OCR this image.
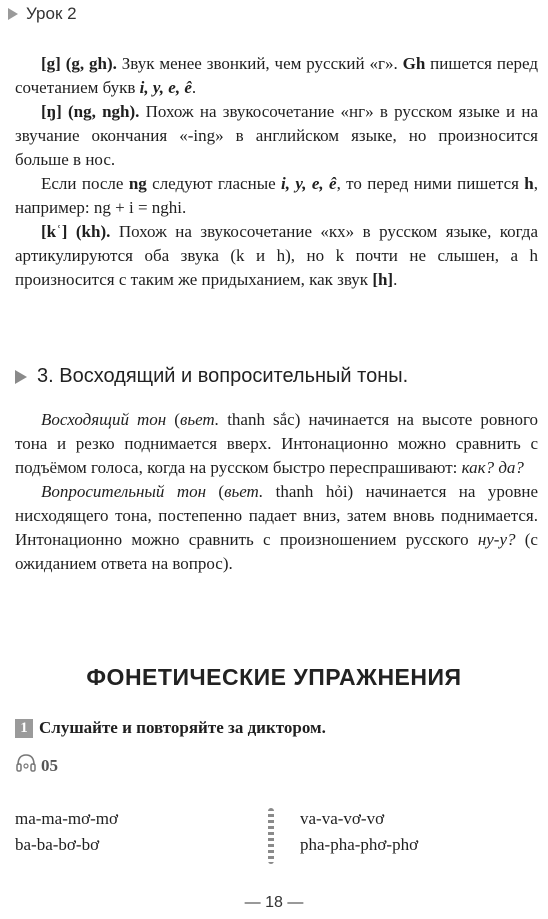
Урок 2

[g] (g, gh). Звук менее звонкий, чем русский «г». Gh пишется перед сочетанием букв i, y, e, ê.

[ŋ] (ng, ngh). Похож на звукосочетание «нг» в русском языке и на звучание окончания «-ing» в английском языке, но произносится больше в нос.

Если после ng следуют гласные i, y, e, ê, то перед ними пишется h, например: ng + i = nghi.

[kʿ] (kh). Похож на звукосочетание «кх» в русском языке, когда артикулируются оба звука (k и h), но k почти не слышен, а h произносится с таким же придыханием, как звук [h].

3. Восходящий и вопросительный тоны.

Восходящий тон (вьет. thanh sắc) начинается на высоте ровного тона и резко поднимается вверх. Интонационно можно сравнить с подъёмом голоса, когда на русском быстро переспрашивают: как? да?

Вопросительный тон (вьет. thanh hỏi) начинается на уровне нисходящего тона, постепенно падает вниз, затем вновь поднимается. Интонационно можно сравнить с произношением русского ну-у? (с ожиданием ответа на вопрос).

ФОНЕТИЧЕСКИЕ УПРАЖНЕНИЯ
1 Слушайте и повторяйте за диктором.
05
ma-ma-mơ-mơ
ba-ba-bơ-bơ
va-va-vơ-vơ
pha-pha-phơ-phơ
— 18 —
